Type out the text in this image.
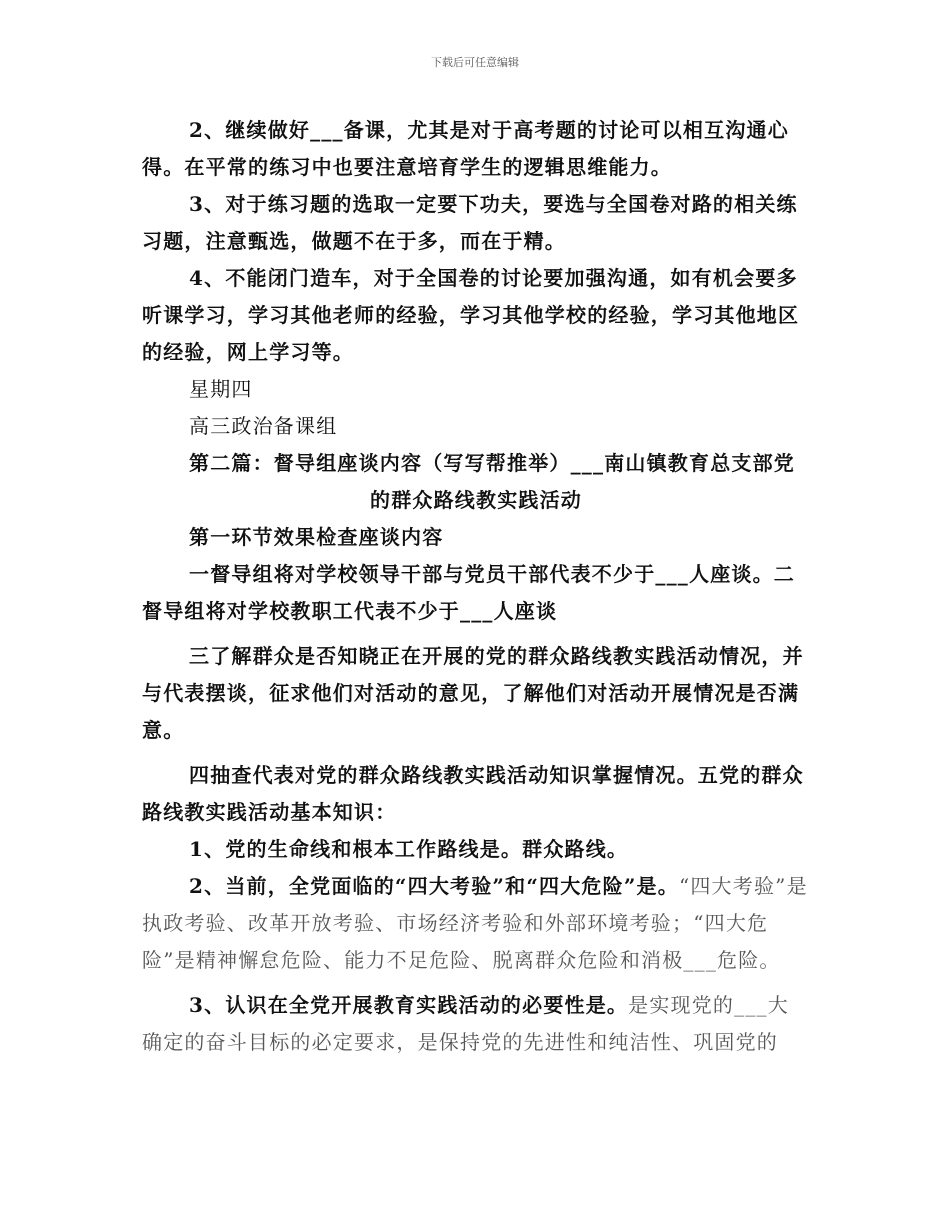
下载后可任意编辑

2、继续做好___备课，尤其是对于高考题的讨论可以相互沟通心得。在平常的练习中也要注意培育学生的逻辑思维能力。

3、对于练习题的选取一定要下功夫，要选与全国卷对路的相关练习题，注意甄选，做题不在于多，而在于精。

4、不能闭门造车，对于全国卷的讨论要加强沟通，如有机会要多听课学习，学习其他老师的经验，学习其他学校的经验，学习其他地区的经验，网上学习等。

星期四

高三政治备课组

第二篇：督导组座谈内容（写写帮推举）___南山镇教育总支部党

的群众路线教实践活动

第一环节效果检查座谈内容

一督导组将对学校领导干部与党员干部代表不少于___人座谈。二督导组将对学校教职工代表不少于___人座谈

三了解群众是否知晓正在开展的党的群众路线教实践活动情况，并与代表摆谈，征求他们对活动的意见，了解他们对活动开展情况是否满意。

四抽查代表对党的群众路线教实践活动知识掌握情况。五党的群众路线教实践活动基本知识：

1、党的生命线和根本工作路线是。群众路线。

2、当前，全党面临的“四大考验”和“四大危险”是。“四大考验”是执政考验、改革开放考验、市场经济考验和外部环境考验；“四大危险”是精神懈怠危险、能力不足危险、脱离群众危险和消极___危险。

3、认识在全党开展教育实践活动的必要性是。是实现党的___大确定的奋斗目标的必定要求，是保持党的先进性和纯洁性、巩固党的
